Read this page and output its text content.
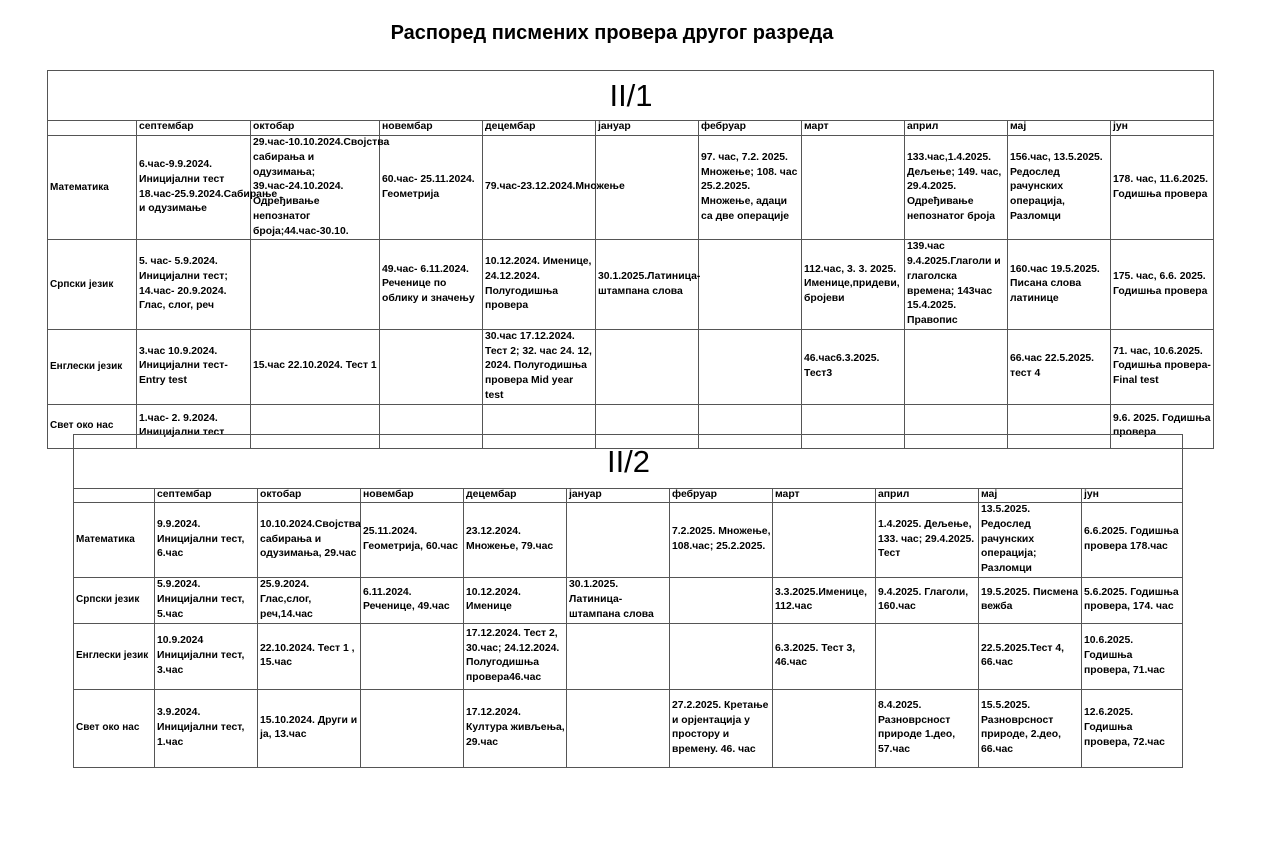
Распоред писмених провера другог разреда
II/1										
	септембар	октобар	новембар	децембар	јануар	фебруар	март	април	мај	јун
Математика	6.час-9.9.2024. Иницијални тест 18.час-25.9.2024.Сабирање и одузимање	29.час-10.10.2024.Својства сабирања и одузимања; 39.час-24.10.2024. Одређивање непознатог броја;44.час-30.10.	60.час- 25.11.2024. Геометрија	79.час-23.12.2024.Множење		97. час, 7.2. 2025. Множење; 108. час 25.2.2025. Множење, адаци са две операције		133.час,1.4.2025. Дељење; 149. час, 29.4.2025. Одређивање непознатог броја	156.час, 13.5.2025. Редослед рачунских операција, Разломци	178. час, 11.6.2025. Годишња провера
Српски језик	5. час- 5.9.2024. Иницијални тест; 14.час- 20.9.2024. Глас, слог, реч		49.час- 6.11.2024. Реченице по облику и значењу	10.12.2024. Именице, 24.12.2024. Полугодишња провера	30.1.2025.Латиница-штампана слова		112.час, 3. 3. 2025. Именице,придеви, бројеви	139.час 9.4.2025.Глаголи и глаголска времена; 143час 15.4.2025. Правопис	160.час 19.5.2025. Писана слова латинице	175. час, 6.6. 2025. Годишња провера
Енглески језик	3.час 10.9.2024. Иницијални тест-Entry test	15.час 22.10.2024. Тест 1		30.час 17.12.2024. Тест 2; 32. час 24. 12, 2024. Полугодишња провера Mid year test			46.час6.3.2025. Тест3		66.час 22.5.2025. тест 4	71. час, 10.6.2025. Годишња провера-Final test
Свет око нас	1.час- 2. 9.2024. Иницијални тест									9.6. 2025. Годишња провера
II/2										
	септембар	октобар	новембар	децембар	јануар	фебруар	март	април	мај	јун
Математика	9.9.2024. Иницијални тест, 6.час	10.10.2024.Својства сабирања и одузимања, 29.час	25.11.2024. Геометрија, 60.час	23.12.2024. Множење, 79.час		7.2.2025. Множење, 108.час; 25.2.2025.		1.4.2025. Дељење, 133. час; 29.4.2025. Тест	13.5.2025. Редослед рачунских операција; Разломци	6.6.2025. Годишња провера 178.час
Српски језик	5.9.2024. Иницијални тест, 5.час	25.9.2024. Глас,слог, реч,14.час	6.11.2024. Реченице, 49.час	10.12.2024. Именице	30.1.2025. Латиница-штампана слова		3.3.2025.Именице, 112.час	9.4.2025. Глаголи, 160.час	19.5.2025. Писмена вежба	5.6.2025. Годишња провера, 174. час
Енглески језик	10.9.2024 Иницијални тест, 3.час	22.10.2024. Тест 1 , 15.час		17.12.2024. Тест 2, 30.час; 24.12.2024. Полугодишња провера46.час			6.3.2025. Тест 3, 46.час		22.5.2025.Тест 4, 66.час	10.6.2025. Годишња провера, 71.час
Свет око нас	3.9.2024. Иницијални тест, 1.час	15.10.2024. Други и ја, 13.час		17.12.2024. Култура живљења, 29.час		27.2.2025. Кретање и орјентација у простору и времену. 46. час		8.4.2025. Разноврсност природе 1.део, 57.час	15.5.2025. Разноврсност природе, 2.део, 66.час	12.6.2025. Годишња провера, 72.час
